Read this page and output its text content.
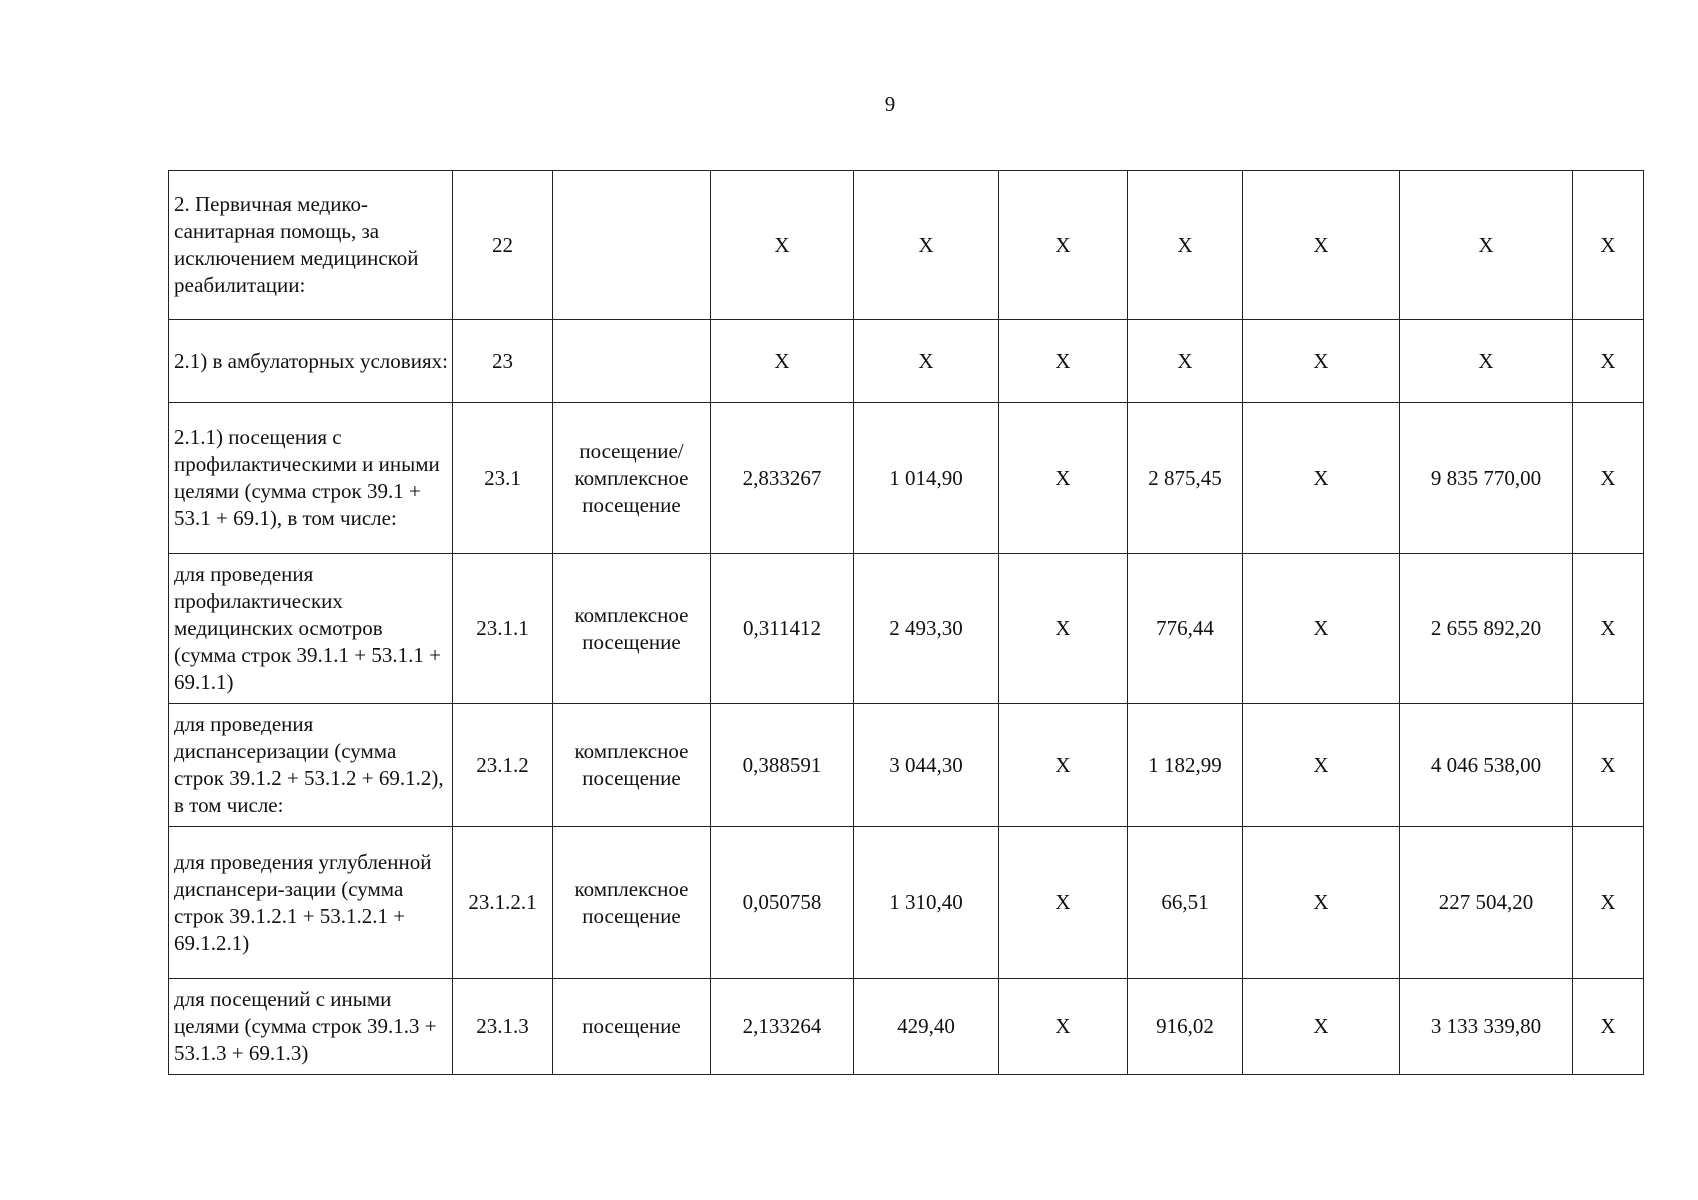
9
2. Первичная медико-санитарная помощь, за исключением медицинской реабилитации:	22		X	X	X	X	X	X	X
2.1) в амбулаторных условиях:	23		X	X	X	X	X	X	X
2.1.1) посещения с профилактическими и иными целями (сумма строк 39.1 + 53.1 + 69.1), в том числе:	23.1	посещение/ комплексное посещение	2,833267	1 014,90	X	2 875,45	X	9 835 770,00	X
для проведения профилактических медицинских осмотров (сумма строк 39.1.1 + 53.1.1 + 69.1.1)	23.1.1	комплексное посещение	0,311412	2 493,30	X	776,44	X	2 655 892,20	X
для проведения диспансеризации (сумма строк 39.1.2 + 53.1.2 + 69.1.2), в том числе:	23.1.2	комплексное посещение	0,388591	3 044,30	X	1 182,99	X	4 046 538,00	X
для проведения углубленной диспансери-зации (сумма строк 39.1.2.1 + 53.1.2.1 + 69.1.2.1)	23.1.2.1	комплексное посещение	0,050758	1 310,40	X	66,51	X	227 504,20	X
для посещений с иными целями (сумма строк 39.1.3 + 53.1.3 + 69.1.3)	23.1.3	посещение	2,133264	429,40	X	916,02	X	3 133 339,80	X
